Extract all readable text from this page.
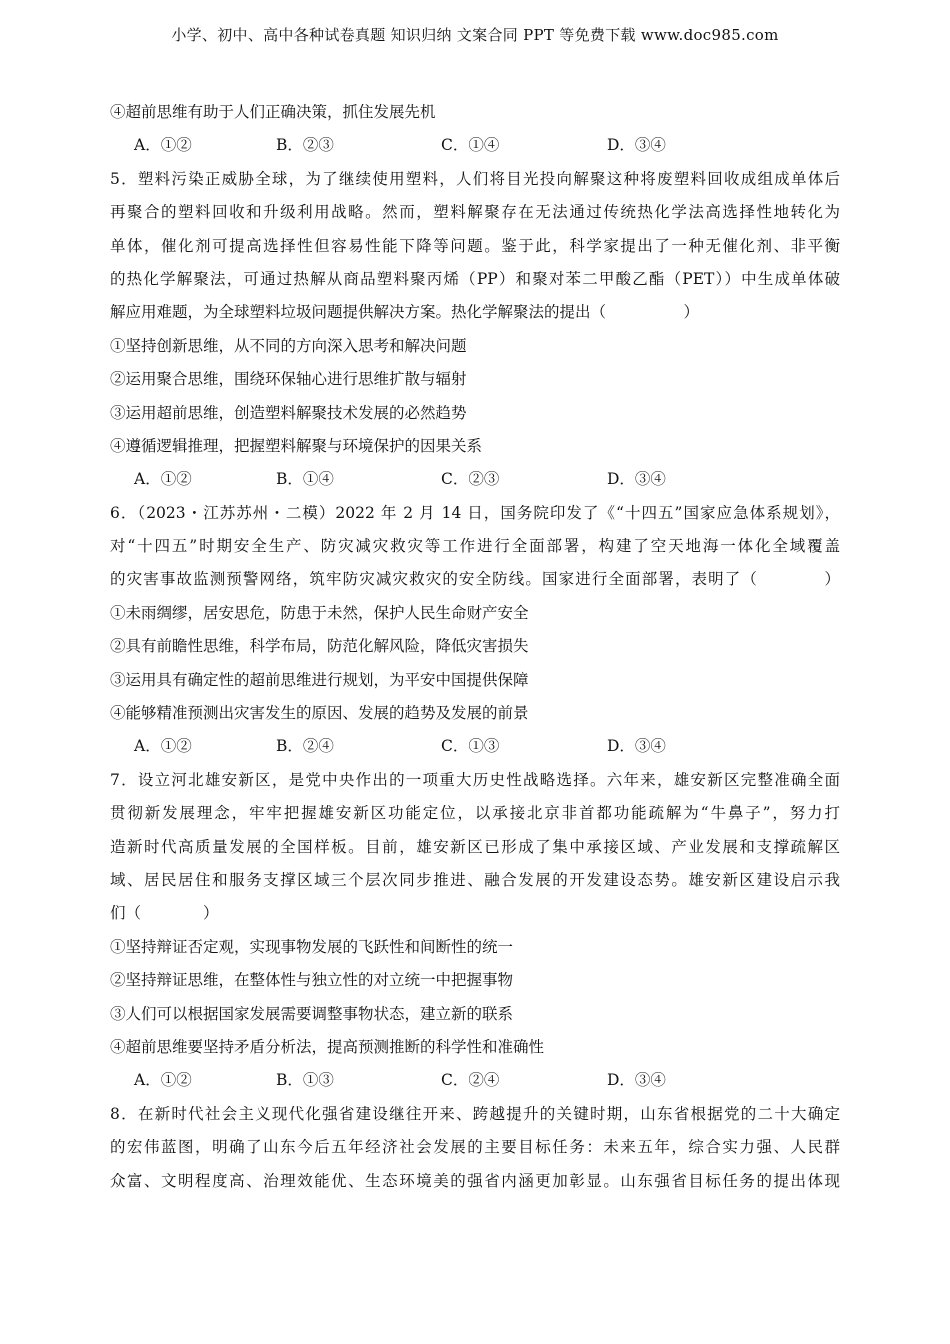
小学、初中、高中各种试卷真题 知识归纳 文案合同 PPT 等免费下载 www.doc985.com
④超前思维有助于人们正确决策，抓住发展先机
A．①②	B．②③	C．①④	D．③④
5．塑料污染正威胁全球，为了继续使用塑料，人们将目光投向解聚这种将废塑料回收成组成单体后
再聚合的塑料回收和升级利用战略。然而，塑料解聚存在无法通过传统热化学法高选择性地转化为
单体，催化剂可提高选择性但容易性能下降等问题。鉴于此，科学家提出了一种无催化剂、非平衡
的热化学解聚法，可通过热解从商品塑料聚丙烯（PP）和聚对苯二甲酸乙酯（PET））中生成单体破
解应用难题，为全球塑料垃圾问题提供解决方案。热化学解聚法的提出（　　　　　）
①坚持创新思维，从不同的方向深入思考和解决问题
②运用聚合思维，围绕环保轴心进行思维扩散与辐射
③运用超前思维，创造塑料解聚技术发展的必然趋势
④遵循逻辑推理，把握塑料解聚与环境保护的因果关系
A．①②	B．①④	C．②③	D．③④
6．（2023・江苏苏州・二模）2022 年 2 月 14 日，国务院印发了《“十四五”国家应急体系规划》，
对“十四五”时期安全生产、防灾减灾救灾等工作进行全面部署，构建了空天地海一体化全域覆盖
的灾害事故监测预警网络，筑牢防灾减灾救灾的安全防线。国家进行全面部署，表明了（　　　　）
①未雨绸缪，居安思危，防患于未然，保护人民生命财产安全
②具有前瞻性思维，科学布局，防范化解风险，降低灾害损失
③运用具有确定性的超前思维进行规划，为平安中国提供保障
④能够精准预测出灾害发生的原因、发展的趋势及发展的前景
A．①②	B．②④	C．①③	D．③④
7．设立河北雄安新区，是党中央作出的一项重大历史性战略选择。六年来，雄安新区完整准确全面
贯彻新发展理念，牢牢把握雄安新区功能定位，以承接北京非首都功能疏解为“牛鼻子”，努力打
造新时代高质量发展的全国样板。目前，雄安新区已形成了集中承接区域、产业发展和支撑疏解区
域、居民居住和服务支撑区域三个层次同步推进、融合发展的开发建设态势。雄安新区建设启示我
们（　　　　）
①坚持辩证否定观，实现事物发展的飞跃性和间断性的统一
②坚持辩证思维，在整体性与独立性的对立统一中把握事物
③人们可以根据国家发展需要调整事物状态，建立新的联系
④超前思维要坚持矛盾分析法，提高预测推断的科学性和准确性
A．①②	B．①③	C．②④	D．③④
8．在新时代社会主义现代化强省建设继往开来、跨越提升的关键时期，山东省根据党的二十大确定
的宏伟蓝图，明确了山东今后五年经济社会发展的主要目标任务：未来五年，综合实力强、人民群
众富、文明程度高、治理效能优、生态环境美的强省内涵更加彰显。山东强省目标任务的提出体现
